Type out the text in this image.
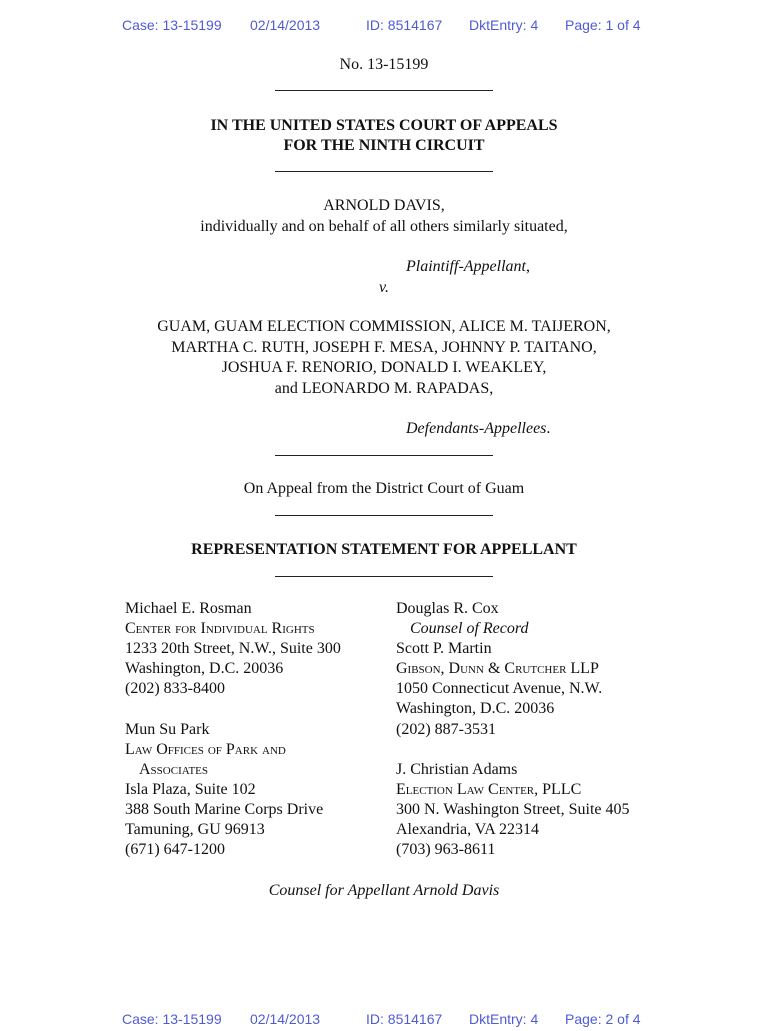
Case: 13-15199 02/14/2013	ID: 8514167 DktEntry: 4 Page: 1 of 4
No. 13-15199
IN THE UNITED STATES COURT OF APPEALS
FOR THE NINTH CIRCUIT
ARNOLD DAVIS,
individually and on behalf of all others similarly situated,
Plaintiff-Appellant,
v.
GUAM, GUAM ELECTION COMMISSION, ALICE M. TAIJERON,
MARTHA C. RUTH, JOSEPH F. MESA, JOHNNY P. TAITANO,
JOSHUA F. RENORIO, DONALD I. WEAKLEY,
and LEONARDO M. RAPADAS,
Defendants-Appellees.
On Appeal from the District Court of Guam
REPRESENTATION STATEMENT FOR APPELLANT
Michael E. Rosman
Center for Individual Rights
1233 20th Street, N.W., Suite 300
Washington, D.C. 20036
(202) 833-8400
Mun Su Park
Law Offices of Park and
Associates
Isla Plaza, Suite 102
388 South Marine Corps Drive
Tamuning, GU 96913
(671) 647-1200
Douglas R. Cox
Counsel of Record
Scott P. Martin
Gibson, Dunn & Crutcher LLP
1050 Connecticut Avenue, N.W.
Washington, D.C. 20036
(202) 887-3531
J. Christian Adams
Election Law Center, PLLC
300 N. Washington Street, Suite 405
Alexandria, VA 22314
(703) 963-8611
Counsel for Appellant Arnold Davis
Case: 13-15199 02/14/2013	ID: 8514167 DktEntry: 4 Page: 2 of 4
